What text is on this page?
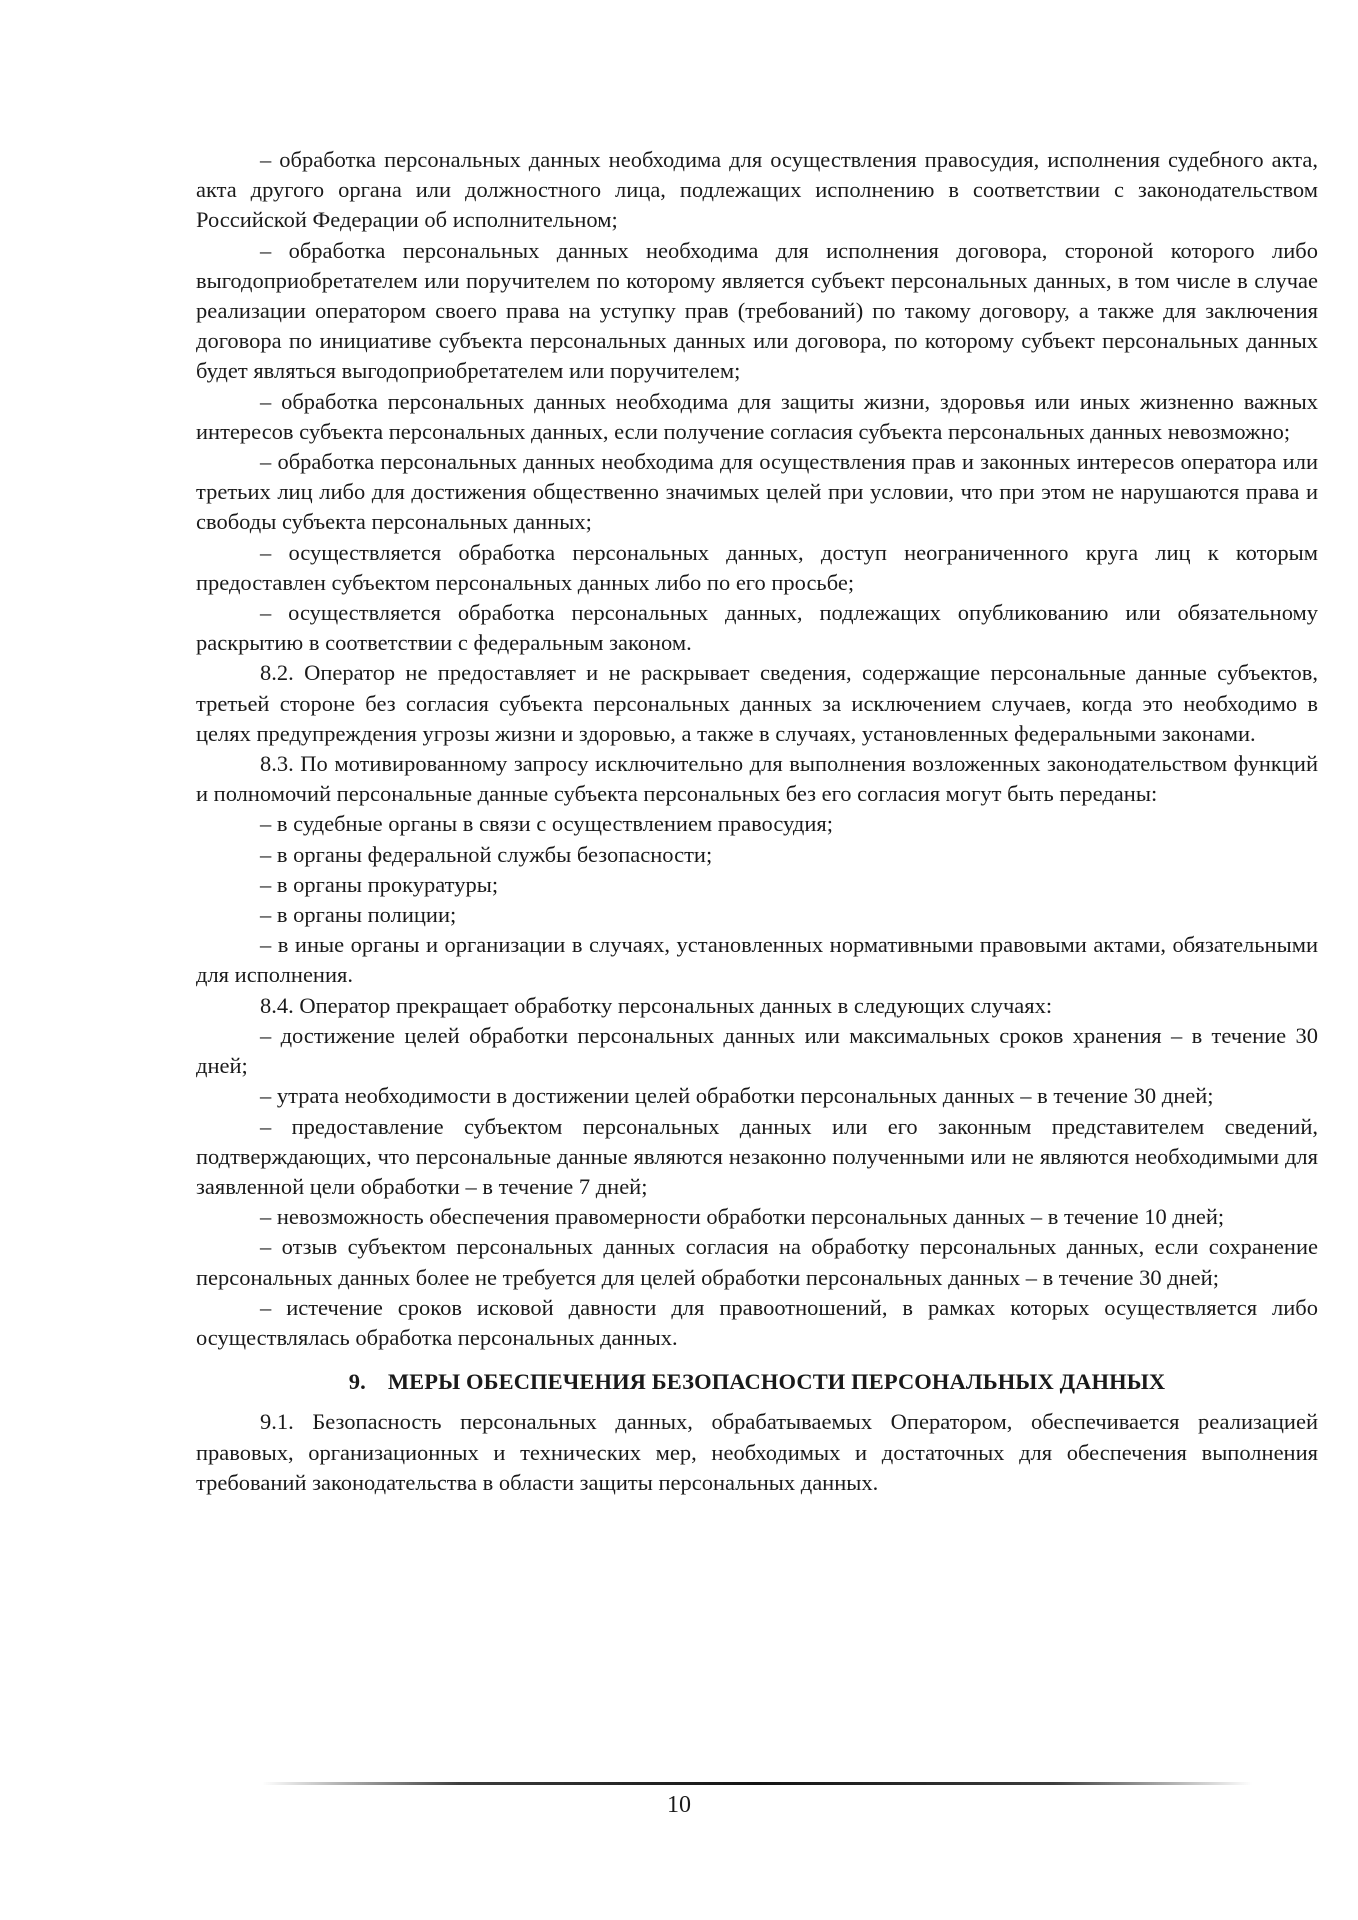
– обработка персональных данных необходима для осуществления правосудия, исполнения судебного акта, акта другого органа или должностного лица, подлежащих исполнению в соответствии с законодательством Российской Федерации об исполнительном;

– обработка персональных данных необходима для исполнения договора, стороной которого либо выгодоприобретателем или поручителем по которому является субъект персональных данных, в том числе в случае реализации оператором своего права на уступку прав (требований) по такому договору, а также для заключения договора по инициативе субъекта персональных данных или договора, по которому субъект персональных данных будет являться выгодоприобретателем или поручителем;

– обработка персональных данных необходима для защиты жизни, здоровья или иных жизненно важных интересов субъекта персональных данных, если получение согласия субъекта персональных данных невозможно;

– обработка персональных данных необходима для осуществления прав и законных интересов оператора или третьих лиц либо для достижения общественно значимых целей при условии, что при этом не нарушаются права и свободы субъекта персональных данных;

– осуществляется обработка персональных данных, доступ неограниченного круга лиц к которым предоставлен субъектом персональных данных либо по его просьбе;

– осуществляется обработка персональных данных, подлежащих опубликованию или обязательному раскрытию в соответствии с федеральным законом.

8.2. Оператор не предоставляет и не раскрывает сведения, содержащие персональные данные субъектов, третьей стороне без согласия субъекта персональных данных за исключением случаев, когда это необходимо в целях предупреждения угрозы жизни и здоровью, а также в случаях, установленных федеральными законами.

8.3. По мотивированному запросу исключительно для выполнения возложенных законодательством функций и полномочий персональные данные субъекта персональных без его согласия могут быть переданы:

– в судебные органы в связи с осуществлением правосудия;

– в органы федеральной службы безопасности;

– в органы прокуратуры;

– в органы полиции;

– в иные органы и организации в случаях, установленных нормативными правовыми актами, обязательными для исполнения.

8.4. Оператор прекращает обработку персональных данных в следующих случаях:

– достижение целей обработки персональных данных или максимальных сроков хранения – в течение 30 дней;

– утрата необходимости в достижении целей обработки персональных данных – в течение 30 дней;

– предоставление субъектом персональных данных или его законным представителем сведений, подтверждающих, что персональные данные являются незаконно полученными или не являются необходимыми для заявленной цели обработки – в течение 7 дней;

– невозможность обеспечения правомерности обработки персональных данных – в течение 10 дней;

– отзыв субъектом персональных данных согласия на обработку персональных данных, если сохранение персональных данных более не требуется для целей обработки персональных данных – в течение 30 дней;

– истечение сроков исковой давности для правоотношений, в рамках которых осуществляется либо осуществлялась обработка персональных данных.

9. МЕРЫ ОБЕСПЕЧЕНИЯ БЕЗОПАСНОСТИ ПЕРСОНАЛЬНЫХ ДАННЫХ

9.1. Безопасность персональных данных, обрабатываемых Оператором, обеспечивается реализацией правовых, организационных и технических мер, необходимых и достаточных для обеспечения выполнения требований законодательства в области защиты персональных данных.

10
